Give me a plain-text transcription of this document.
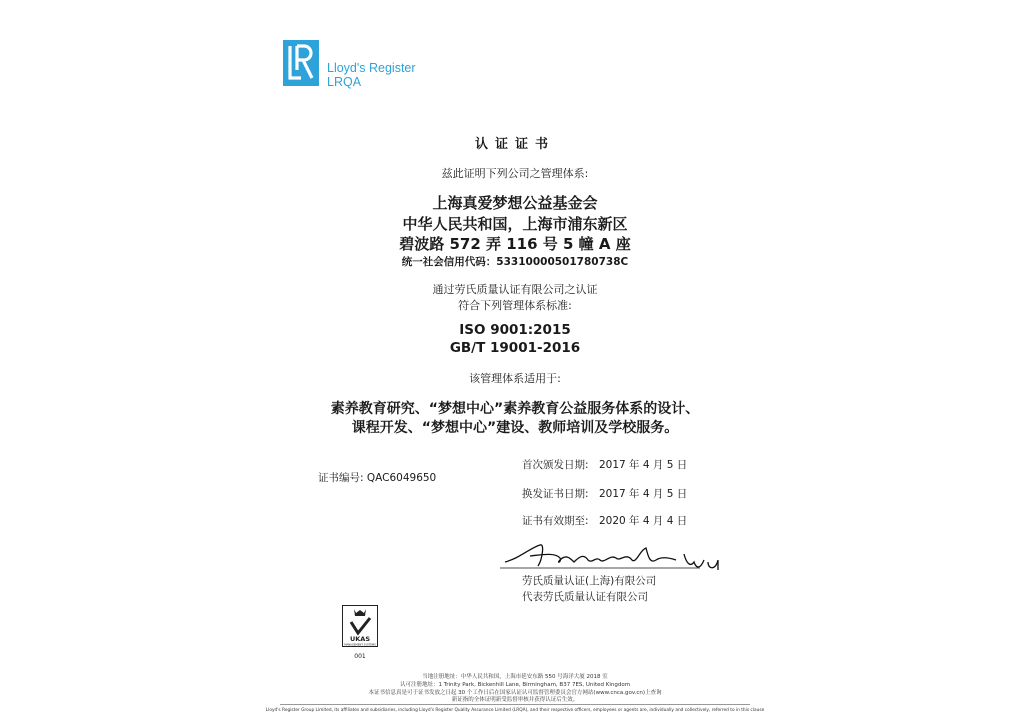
Lloyd's Register
LRQA
认证证书
兹此证明下列公司之管理体系:
上海真爱梦想公益基金会
中华人民共和国，上海市浦东新区
碧波路 572 弄 116 号 5 幢 A 座
统一社会信用代码：53310000501780738C
通过劳氏质量认证有限公司之认证
符合下列管理体系标准:
ISO 9001:2015
GB/T 19001-2016
该管理体系适用于:
素养教育研究、“梦想中心”素养教育公益服务体系的设计、
课程开发、“梦想中心”建设、教师培训及学校服务。
证书编号: QAC6049650
首次颁发日期: 2017 年 4 月 5 日
换发证书日期: 2017 年 4 月 5 日
证书有效期至: 2020 年 4 月 4 日
劳氏质量认证(上海)有限公司
代表劳氏质量认证有限公司
UKAS
MANAGEMENT SYSTEMS
001
当地注册地址：中华人民共和国，上海市延安东路 550 号海洋大厦 2018 室
认可注册地址：1 Trinity Park, Bickenhill Lane, Birmingham, B37 7ES, United Kingdom
本证书信息真是可于证书发放之日起 30 个工作日后在国家认证认可监督管理委员会官方网站(www.cnca.gov.cn)上查询
新证指的全体证明新受监督审核并获得认证后生效。
Lloyd's Register Group Limited, its affiliates and subsidiaries, including Lloyd's Register Quality Assurance Limited (LRQA), and their respective officers, employees or agents are, individually and collectively, referred to in this clause
